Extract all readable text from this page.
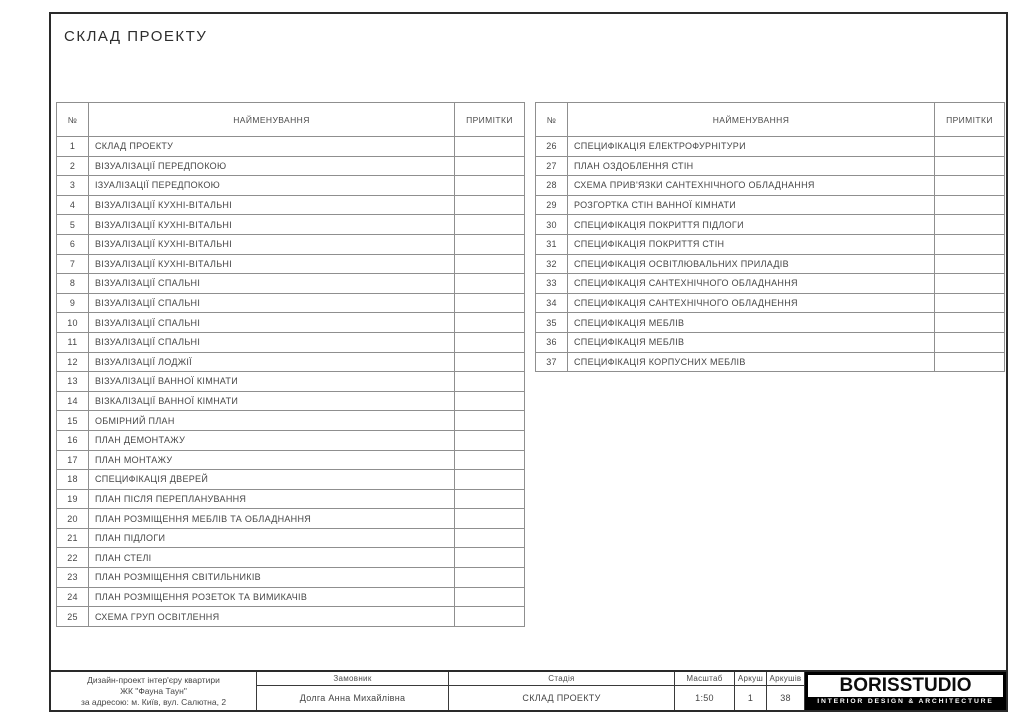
СКЛАД ПРОЕКТУ
№	НАЙМЕНУВАННЯ	ПРИМІТКИ
1	СКЛАД ПРОЕКТУ	
2	ВІЗУАЛІЗАЦІЇ ПЕРЕДПОКОЮ	
3	ІЗУАЛІЗАЦІЇ ПЕРЕДПОКОЮ	
4	ВІЗУАЛІЗАЦІЇ КУХНІ-ВІТАЛЬНІ	
5	ВІЗУАЛІЗАЦІЇ КУХНІ-ВІТАЛЬНІ	
6	ВІЗУАЛІЗАЦІЇ КУХНІ-ВІТАЛЬНІ	
7	ВІЗУАЛІЗАЦІЇ КУХНІ-ВІТАЛЬНІ	
8	ВІЗУАЛІЗАЦІЇ СПАЛЬНІ	
9	ВІЗУАЛІЗАЦІЇ СПАЛЬНІ	
10	ВІЗУАЛІЗАЦІЇ СПАЛЬНІ	
11	ВІЗУАЛІЗАЦІЇ СПАЛЬНІ	
12	ВІЗУАЛІЗАЦІЇ ЛОДЖІЇ	
13	ВІЗУАЛІЗАЦІЇ ВАННОЇ КІМНАТИ	
14	ВІЗКАЛІЗАЦІЇ ВАННОЇ КІМНАТИ	
15	ОБМІРНИЙ ПЛАН	
16	ПЛАН ДЕМОНТАЖУ	
17	ПЛАН МОНТАЖУ	
18	СПЕЦИФІКАЦІЯ ДВЕРЕЙ	
19	ПЛАН ПІСЛЯ ПЕРЕПЛАНУВАННЯ	
20	ПЛАН РОЗМІЩЕННЯ МЕБЛІВ ТА ОБЛАДНАННЯ	
21	ПЛАН ПІДЛОГИ	
22	ПЛАН СТЕЛІ	
23	ПЛАН РОЗМІЩЕННЯ СВІТИЛЬНИКІВ	
24	ПЛАН РОЗМІЩЕННЯ РОЗЕТОК ТА ВИМИКАЧІВ	
25	СХЕМА ГРУП ОСВІТЛЕННЯ	
№	НАЙМЕНУВАННЯ	ПРИМІТКИ
26	СПЕЦИФІКАЦІЯ ЕЛЕКТРОФУРНІТУРИ	
27	ПЛАН ОЗДОБЛЕННЯ СТІН	
28	СХЕМА ПРИВ'ЯЗКИ САНТЕХНІЧНОГО ОБЛАДНАННЯ	
29	РОЗГОРТКА СТІН ВАННОЇ КІМНАТИ	
30	СПЕЦИФІКАЦІЯ ПОКРИТТЯ ПІДЛОГИ	
31	СПЕЦИФІКАЦІЯ ПОКРИТТЯ СТІН	
32	СПЕЦИФІКАЦІЯ ОСВІТЛЮВАЛЬНИХ ПРИЛАДІВ	
33	СПЕЦИФІКАЦІЯ САНТЕХНІЧНОГО ОБЛАДНАННЯ	
34	СПЕЦИФІКАЦІЯ САНТЕХНІЧНОГО ОБЛАДНЕННЯ	
35	СПЕЦИФІКАЦІЯ МЕБЛІВ	
36	СПЕЦИФІКАЦІЯ МЕБЛІВ	
37	СПЕЦИФІКАЦІЯ КОРПУСНИХ МЕБЛІВ	
Дизайн-проект інтер'єру квартири
ЖК "Фауна Таун"
за адресою: м. Київ, вул. Салютна, 2
Замовник
Долга Анна Михайлівна
Стадія
СКЛАД ПРОЕКТУ
Масштаб
1:50
Аркуш
1
Аркушів
38
BORISSTUDIO
INTERIOR DESIGN & ARCHITECTURE
